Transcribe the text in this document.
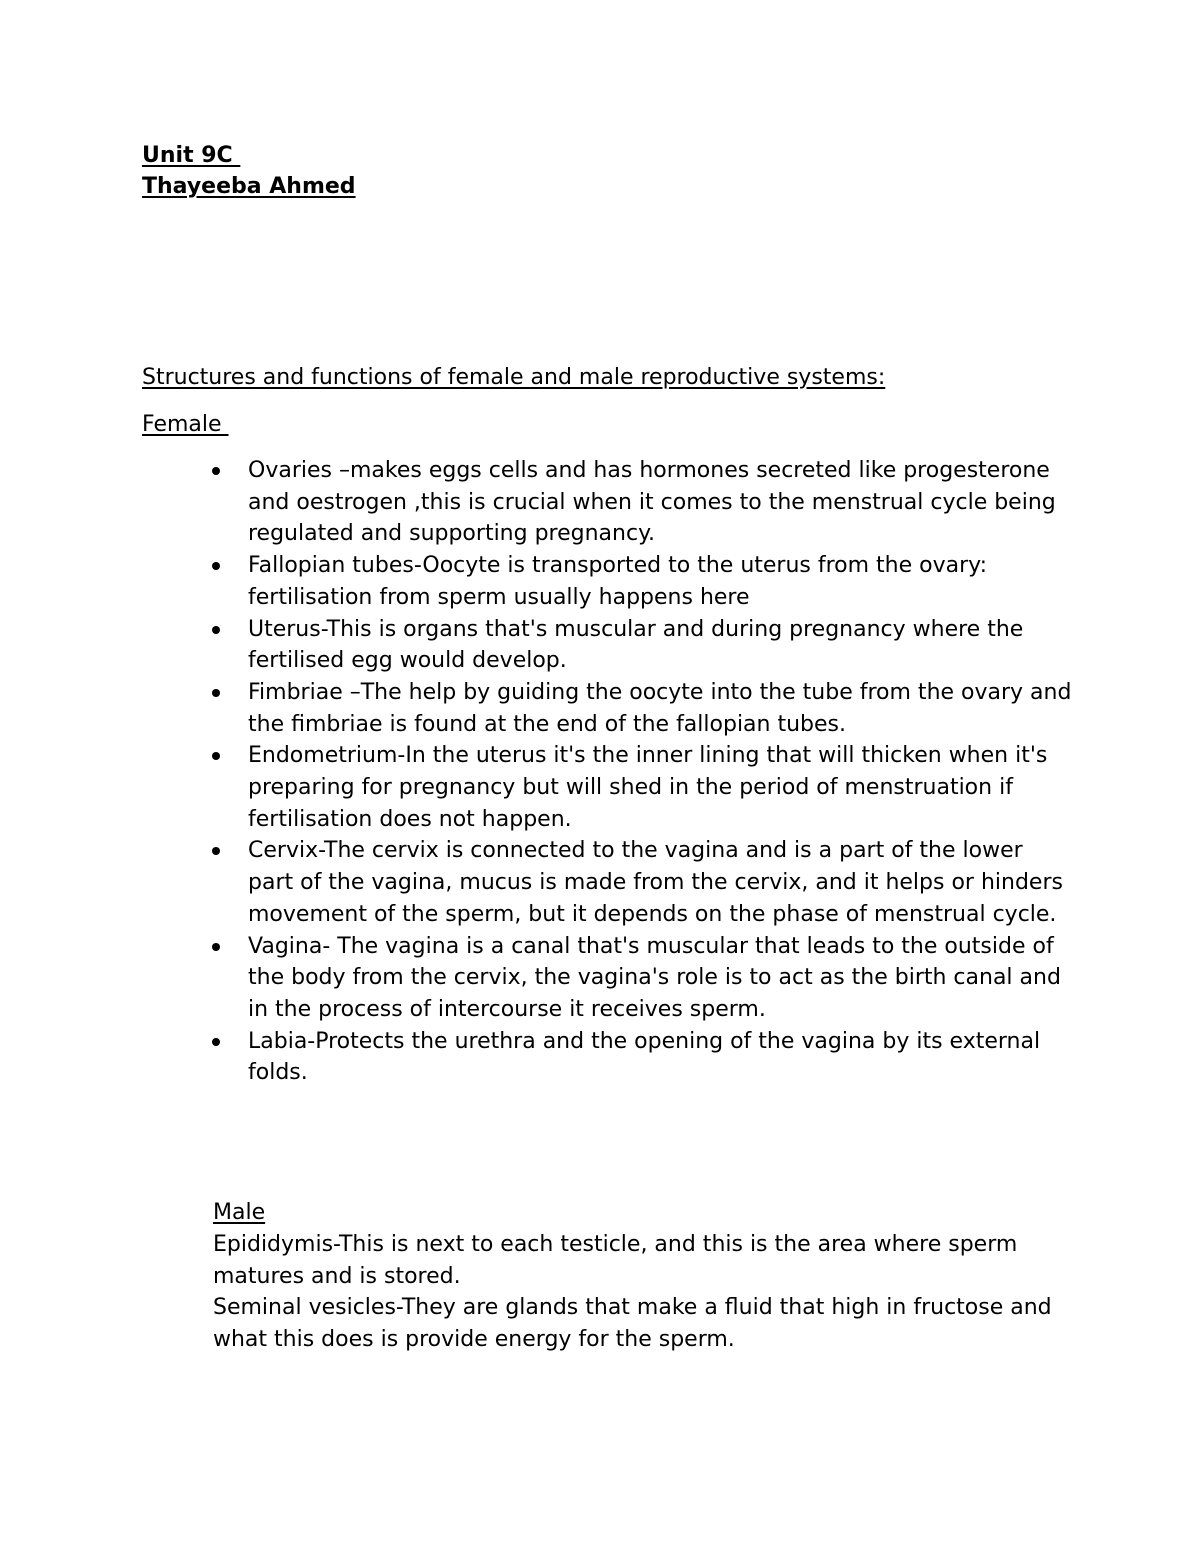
Unit 9C
Thayeeba Ahmed
Structures and functions of female and male reproductive systems:
Female
Ovaries –makes eggs cells and has hormones secreted like progesterone and oestrogen ,this is crucial when it comes to the menstrual cycle being regulated and supporting pregnancy.
Fallopian tubes-Oocyte is transported to the uterus from the ovary: fertilisation from sperm usually happens here
Uterus-This is organs that's muscular and during pregnancy where the fertilised egg would develop.
Fimbriae –The help by guiding the oocyte into the tube from the ovary and the fimbriae is found at the end of the fallopian tubes.
Endometrium-In the uterus it's the inner lining that will thicken when it's preparing for pregnancy but will shed in the period of menstruation if fertilisation does not happen.
Cervix-The cervix is connected to the vagina and is a part of the lower part of the vagina, mucus is made from the cervix, and it helps or hinders movement of the sperm, but it depends on the phase of menstrual cycle.
Vagina- The vagina is a canal that's muscular that leads to the outside of the body from the cervix, the vagina's role is to act as the birth canal and in the process of intercourse it receives sperm.
Labia-Protects the urethra and the opening of the vagina by its external folds.
Male

Epididymis-This is next to each testicle, and this is the area where sperm matures and is stored.

Seminal vesicles-They are glands that make a fluid that high in fructose and what this does is provide energy for the sperm.
